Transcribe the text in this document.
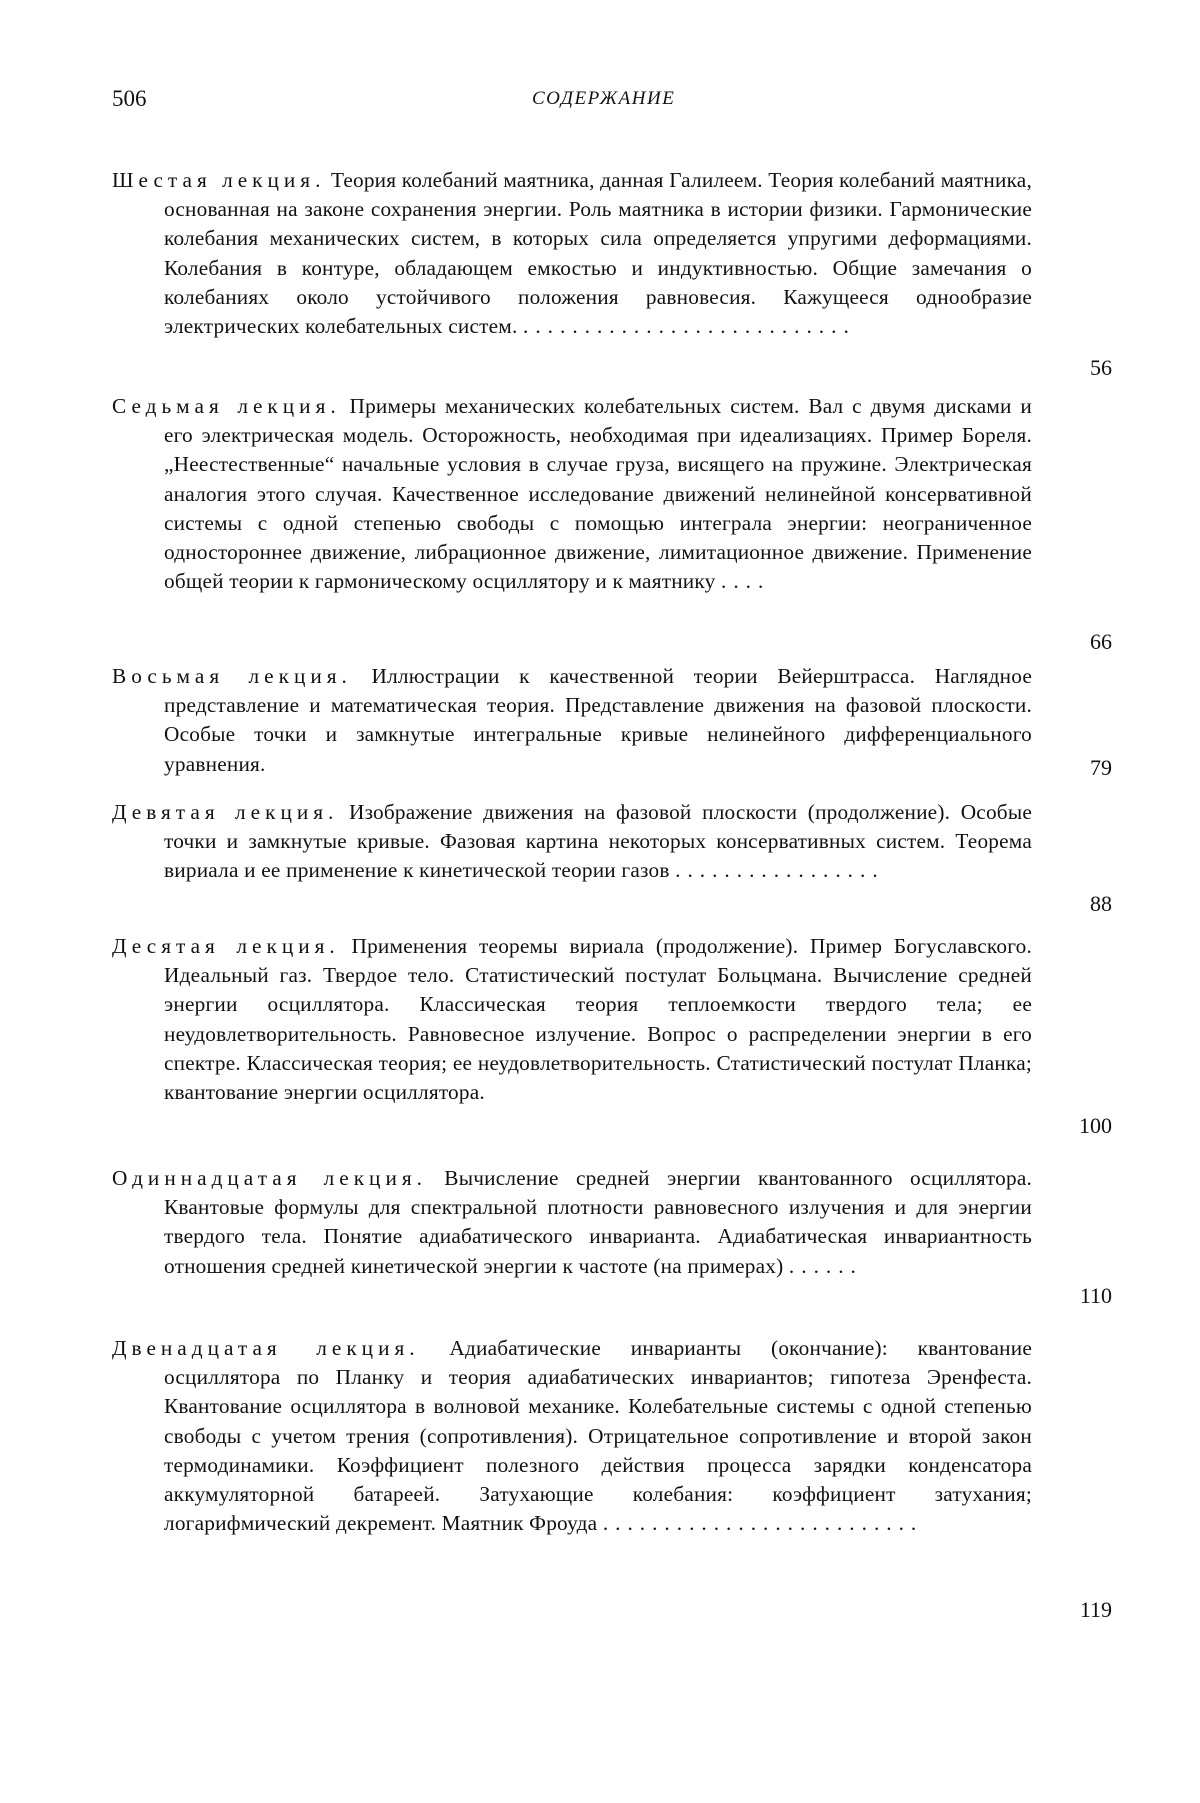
506	СОДЕРЖАНИЕ
Шестая лекция. Теория колебаний маятника, данная Галилеем. Теория колебаний маятника, основанная на законе сохранения энергии. Роль маятника в истории физики. Гармонические колебания механических систем, в которых сила определяется упругими деформациями. Колебания в контуре, обладающем емкостью и индуктивностью. Общие замечания о колебаниях около устойчивого положения равновесия. Кажущееся однообразие электрических колебательных систем. ...........................
56
Седьмая лекция. Примеры механических колебательных систем. Вал с двумя дисками и его электрическая модель. Осторожность, необходимая при идеализациях. Пример Бореля. „Неестественные“ начальные условия в случае груза, висящего на пружине. Электрическая аналогия этого случая. Качественное исследование движений нелинейной консервативной системы с одной степенью свободы с помощью интеграла энергии: неограниченное одностороннее движение, либрационное движение, лимитационное движение. Применение общей теории к гармоническому осциллятору и к маятнику ....
66
Восьмая лекция. Иллюстрации к качественной теории Вейерштрасса. Наглядное представление и математическая теория. Представление движения на фазовой плоскости. Особые точки и замкнутые интегральные кривые нелинейного дифференциального уравнения.	79
Девятая лекция. Изображение движения на фазовой плоскости (продолжение). Особые точки и замкнутые кривые. Фазовая картина некоторых консервативных систем. Теорема вириала и ее применение к кинетической теории газов .................
88
Десятая лекция. Применения теоремы вириала (продолжение). Пример Богуславского. Идеальный газ. Твердое тело. Статистический постулат Больцмана. Вычисление средней энергии осциллятора. Классическая теория теплоемкости твердого тела; ее неудовлетворительность. Равновесное излучение. Вопрос о распределении энергии в его спектре. Классическая теория; ее неудовлетворительность. Статистический постулат Планка; квантование энергии осциллятора.
100
Одиннадцатая лекция. Вычисление средней энергии квантованного осциллятора. Квантовые формулы для спектральной плотности равновесного излучения и для энергии твердого тела. Понятие адиабатического инварианта. Адиабатическая инвариантность отношения средней кинетической энергии к частоте (на примерах) ......
110
Двенадцатая лекция. Адиабатические инварианты (окончание): квантование осциллятора по Планку и теория адиабатических инвариантов; гипотеза Эренфеста. Квантование осциллятора в волновой механике. Колебательные системы с одной степенью свободы с учетом трения (сопротивления). Отрицательное сопротивление и второй закон термодинамики. Коэффициент полезного действия процесса зарядки конденсатора аккумуляторной батареей. Затухающие колебания: коэффициент затухания; логарифмический декремент. Маятник Фроуда ..........................
119
